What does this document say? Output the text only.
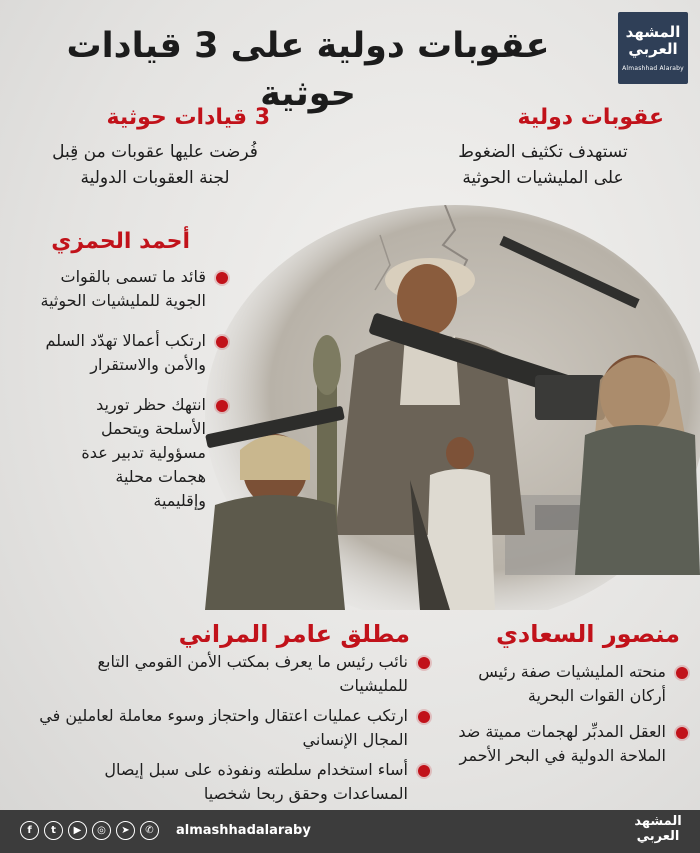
المشهد
العربي
Almashhad Alaraby
عقوبات دولية على 3 قيادات حوثية
عقوبات دولية
تستهدف تكثيف الضغوط
على المليشيات الحوثية
3 قيادات حوثية
فُرضت عليها عقوبات من قِبل
لجنة العقوبات الدولية
أحمد الحمزي
قائد ما تسمى بالقوات الجوية للمليشيات الحوثية
ارتكب أعمالا تهدّد السلم والأمن والاستقرار
انتهك حظر توريد الأسلحة ويتحمل مسؤولية تدبير عدة هجمات محلية وإقليمية
منصور السعادي
منحته المليشيات صفة رئيس أركان القوات البحرية
العقل المدبِّر لهجمات مميتة ضد الملاحة الدولية في البحر الأحمر
مطلق عامر المراني
نائب رئيس ما يعرف بمكتب الأمن القومي التابع للمليشيات
ارتكب عمليات اعتقال واحتجاز وسوء معاملة لعاملين في المجال الإنساني
أساء استخدام سلطته ونفوذه على سبل إيصال المساعدات وحقق ربحا شخصيا
المشهد
العربي
almashhadalaraby
f	t	▶	◎	➤	✆
